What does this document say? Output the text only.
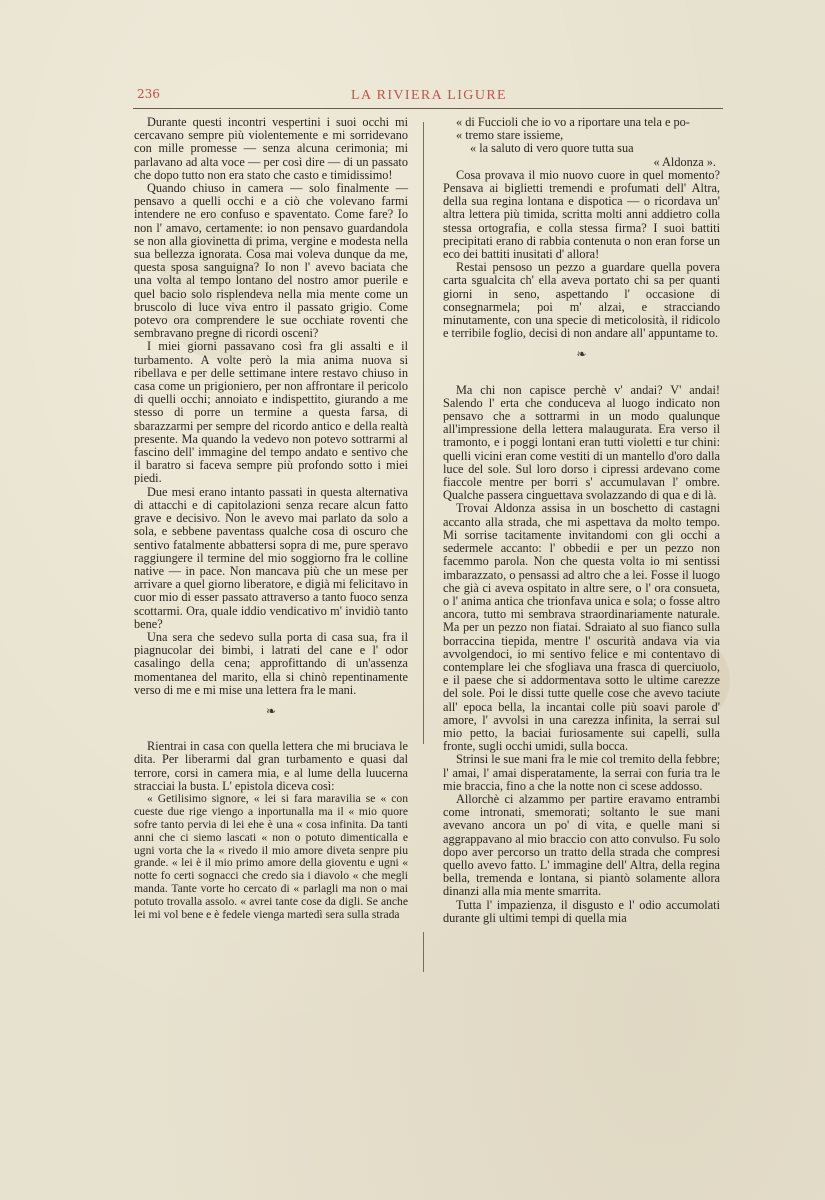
236	LA RIVIERA LIGURE

Durante questi incontri vespertini i suoi occhi mi cercavano sempre più violentemente e mi sorridevano con mille promesse — senza alcuna cerimonia; mi parlavano ad alta voce — per così dire — di un passato che dopo tutto non era stato che casto e timidissimo!

Quando chiuso in camera — solo finalmente — pensavo a quelli occhi e a ciò che volevano farmi intendere ne ero confuso e spaventato. Come fare? Io non l' amavo, certamente: io non pensavo guardandola se non alla giovinetta di prima, vergine e modesta nella sua bellezza ignorata. Cosa mai voleva dunque da me, questa sposa sanguigna? Io non l' avevo baciata che una volta al tempo lontano del nostro amor puerile e quel bacio solo risplendeva nella mia mente come un bruscolo di luce viva entro il passato grigio. Come potevo ora comprendere le sue occhiate roventi che sembravano pregne di ricordi osceni?

I miei giorni passavano così fra gli assalti e il turbamento. A volte però la mia anima nuova si ribellava e per delle settimane intere restavo chiuso in casa come un prigioniero, per non affrontare il pericolo di quelli occhi; annoiato e indispettito, giurando a me stesso di porre un termine a questa farsa, di sbarazzarmi per sempre del ricordo antico e della realtà presente. Ma quando la vedevo non potevo sottrarmi al fascino dell' immagine del tempo andato e sentivo che il baratro si faceva sempre più profondo sotto i miei piedi.

Due mesi erano intanto passati in questa alternativa di attacchi e di capitolazioni senza recare alcun fatto grave e decisivo. Non le avevo mai parlato da solo a sola, e sebbene paventass qualche cosa di oscuro che sentivo fatalmente abbattersi sopra di me, pure speravo raggiungere il termine del mio soggiorno fra le colline native — in pace. Non mancava più che un mese per arrivare a quel giorno liberatore, e digià mi felicitavo in cuor mio di esser passato attraverso a tanto fuoco senza scottarmi. Ora, quale iddio vendicativo m' invidiò tanto bene?

Una sera che sedevo sulla porta di casa sua, fra il piagnucolar dei bimbi, i latrati del cane e l' odor casalingo della cena; approfittando di un'assenza momentanea del marito, ella si chinò repentinamente verso di me e mi mise una lettera fra le mani.

❧

Rientrai in casa con quella lettera che mi bruciava le dita. Per liberarmi dal gran turbamento e quasi dal terrore, corsi in camera mia, e al lume della luucerna stracciai la busta. L' epistola diceva così:

« Getilisimo signore, « lei si fara maravilia se « con cueste due rige viengo a inportunalla ma il « mio quore sofre tanto pervia di lei ehe è una « cosa infinita. Da tanti anni che ci siemo lascati « non o potuto dimenticalla e ugni vorta che la « rivedo il mio amore diveta senpre piu grande. « lei è il mio primo amore della gioventu e ugni « notte fo certi sognacci che credo sia i diavolo « che megli manda. Tante vorte ho cercato di « parlagli ma non o mai potuto trovalla assolo. « avrei tante cose da digli. Se anche lei mi vol bene e è fedele vienga martedì sera sulla strada

« di Fuccioli che io vo a riportare una tela e po-

« tremo stare issieme,

« la saluto di vero quore tutta sua

« Aldonza ».

Cosa provava il mio nuovo cuore in quel momento? Pensava ai biglietti tremendi e profumati dell' Altra, della sua regina lontana e dispotica — o ricordava un' altra lettera più timida, scritta molti anni addietro colla stessa ortografia, e colla stessa firma? I suoi battiti precipitati erano di rabbia contenuta o non eran forse un eco dei battiti inusitati d' allora!

Restai pensoso un pezzo a guardare quella povera carta sgualcita ch' ella aveva portato chi sa per quanti giorni in seno, aspettando l' occasione di consegnarmela; poi m' alzai, e stracciando minutamente, con una specie di meticolosità, il ridicolo e terribile foglio, decisi di non andare all' appuntame to.

❧

Ma chi non capisce perchè v' andai? V' andai! Salendo l' erta che conduceva al luogo indicato non pensavo che a sottrarmi in un modo qualunque all'impressione della lettera malaugurata. Era verso il tramonto, e i poggi lontani eran tutti violetti e tur chini: quelli vicini eran come vestiti di un mantello d'oro dalla luce del sole. Sul loro dorso i cipressi ardevano come fiaccole mentre per borri s' accumulavan l' ombre. Qualche passera cinguettava svolazzando di qua e di là.

Trovai Aldonza assisa in un boschetto di castagni accanto alla strada, che mi aspettava da molto tempo. Mi sorrise tacitamente invitandomi con gli occhi a sedermele accanto: l' obbedii e per un pezzo non facemmo parola. Non che questa volta io mi sentissi imbarazzato, o pensassi ad altro che a lei. Fosse il luogo che già ci aveva ospitato in altre sere, o l' ora consueta, o l' anima antica che trionfava unica e sola; o fosse altro ancora, tutto mi sembrava straordinariamente naturale. Ma per un pezzo non fiatai. Sdraiato al suo fianco sulla borraccina tiepida, mentre l' oscurità andava via via avvolgendoci, io mi sentivo felice e mi contentavo di contemplare lei che sfogliava una frasca di querciuolo, e il paese che si addormentava sotto le ultime carezze del sole. Poi le dissi tutte quelle cose che avevo taciute all' epoca bella, la incantai colle più soavi parole d' amore, l' avvolsi in una carezza infinita, la serrai sul mio petto, la baciai furiosamente sui capelli, sulla fronte, sugli occhi umidi, sulla bocca.

Strinsi le sue mani fra le mie col tremito della febbre; l' amai, l' amai disperatamente, la serrai con furia tra le mie braccia, fino a che la notte non ci scese addosso.

Allorchè ci alzammo per partire eravamo entrambi come intronati, smemorati; soltanto le sue mani avevano ancora un po' di vita, e quelle mani si aggrappavano al mio braccio con atto convulso. Fu solo dopo aver percorso un tratto della strada che compresi quello avevo fatto. L' immagine dell' Altra, della regina bella, tremenda e lontana, si piantò solamente allora dinanzi alla mia mente smarrita.

Tutta l' impazienza, il disgusto e l' odio accumolati durante gli ultimi tempi di quella mia
